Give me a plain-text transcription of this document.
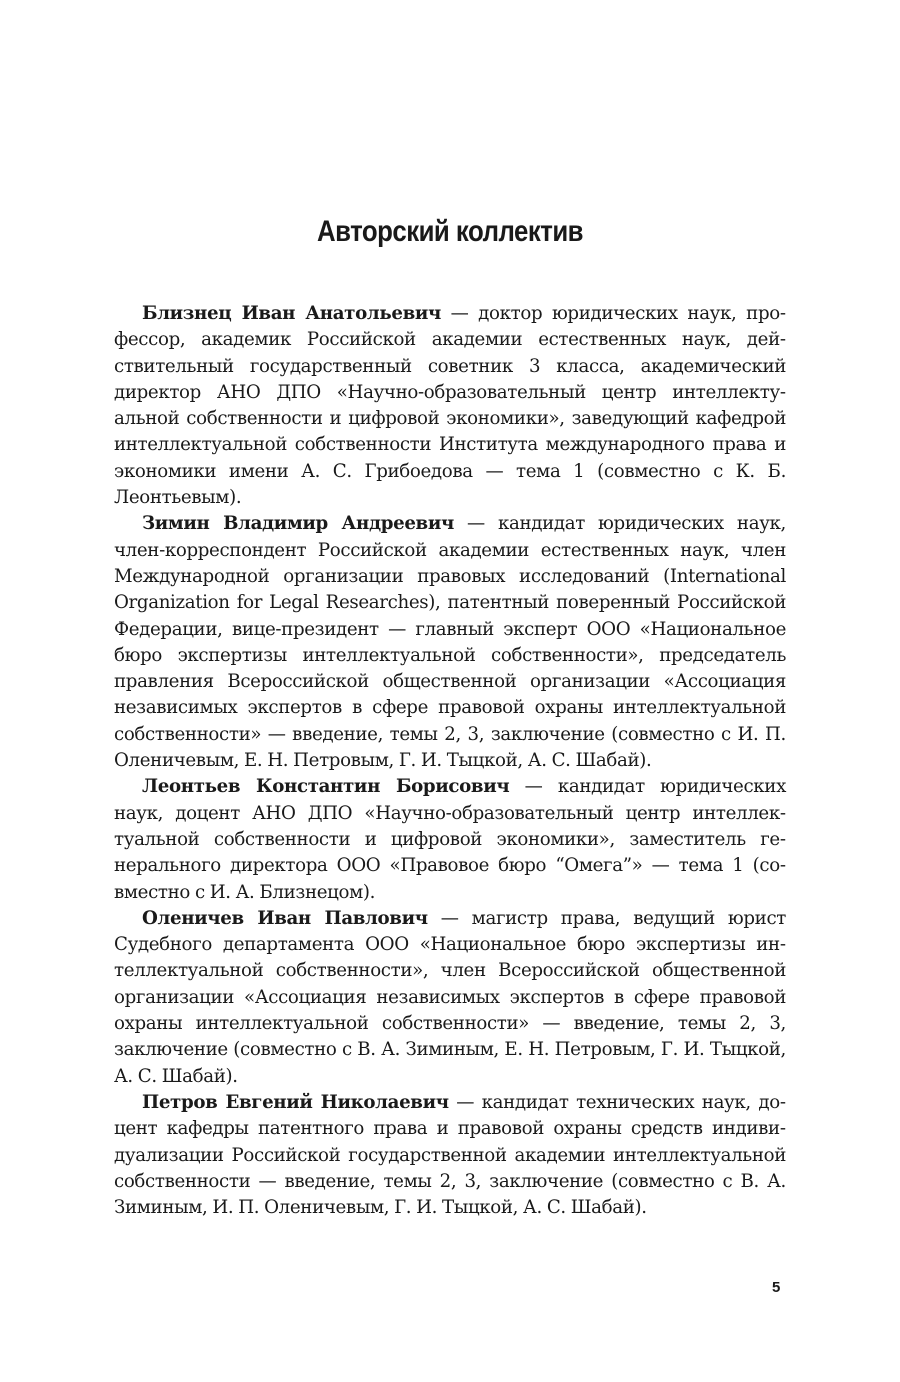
Авторский коллектив

Близнец Иван Анатольевич — доктор юридических наук, профессор, академик Российской академии естественных наук, действительный государственный советник 3 класса, академический директор АНО ДПО «Научно-образовательный центр интеллектуальной собственности и цифровой экономики», заведующий кафедрой интеллектуальной собственности Института международного права и экономики имени А. С. Грибоедова — тема 1 (совместно с К. Б. Леонтьевым).

Зимин Владимир Андреевич — кандидат юридических наук, член-корреспондент Российской академии естественных наук, член Международной организации правовых исследований (International Organization for Legal Researches), патентный поверенный Российской Федерации, вице-президент — главный эксперт ООО «Национальное бюро экспертизы интеллектуальной собственности», председатель правления Всероссийской общественной организации «Ассоциация независимых экспертов в сфере правовой охраны интеллектуальной собственности» — введение, темы 2, 3, заключение (совместно с И. П. Оленичевым, Е. Н. Петровым, Г. И. Тыцкой, А. С. Шабай).

Леонтьев Константин Борисович — кандидат юридических наук, доцент АНО ДПО «Научно-образовательный центр интеллектуальной собственности и цифровой экономики», заместитель генерального директора ООО «Правовое бюро “Омега”» — тема 1 (совместно с И. А. Близнецом).

Оленичев Иван Павлович — магистр права, ведущий юрист Судебного департамента ООО «Национальное бюро экспертизы интеллектуальной собственности», член Всероссийской общественной организации «Ассоциация независимых экспертов в сфере правовой охраны интеллектуальной собственности» — введение, темы 2, 3, заключение (совместно с В. А. Зиминым, Е. Н. Петровым, Г. И. Тыцкой, А. С. Шабай).

Петров Евгений Николаевич — кандидат технических наук, доцент кафедры патентного права и правовой охраны средств индивидуализации Российской государственной академии интеллектуальной собственности — введение, темы 2, 3, заключение (совместно с В. А. Зиминым, И. П. Оленичевым, Г. И. Тыцкой, А. С. Шабай).

5
